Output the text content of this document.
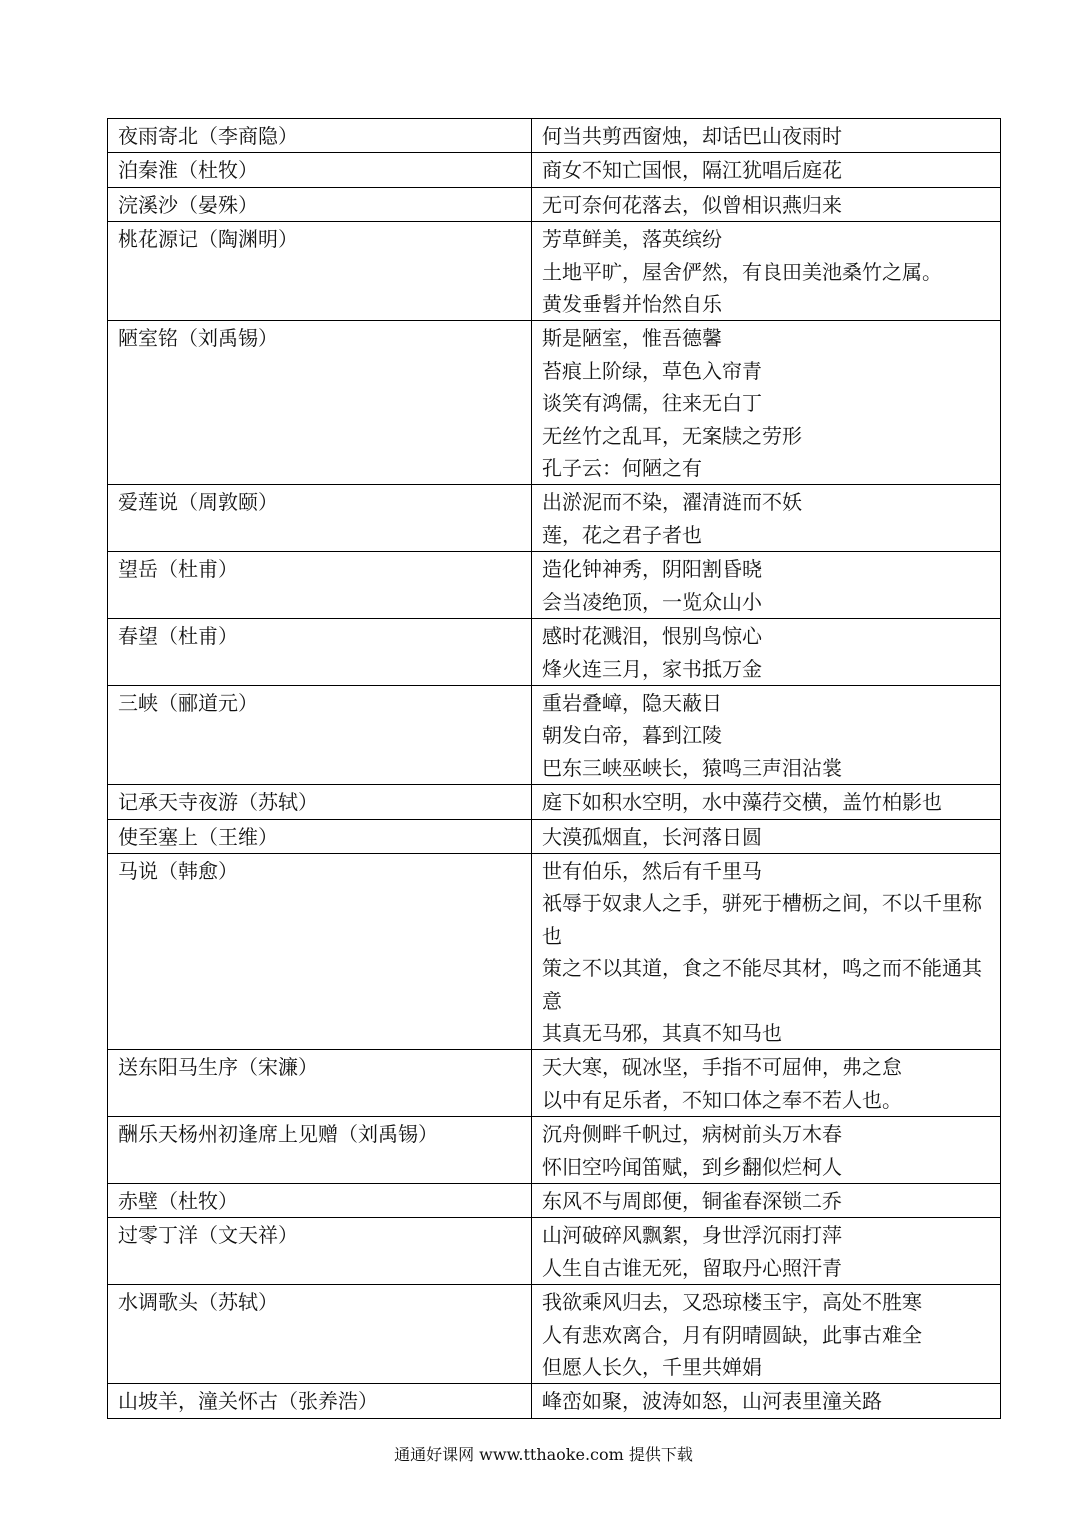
夜雨寄北（李商隐）	何当共剪西窗烛，却话巴山夜雨时

泊秦淮（杜牧）	商女不知亡国恨，隔江犹唱后庭花

浣溪沙（晏殊）	无可奈何花落去，似曾相识燕归来

桃花源记（陶渊明）	芳草鲜美，落英缤纷
土地平旷，屋舍俨然，有良田美池桑竹之属。
黄发垂髫并怡然自乐

陋室铭（刘禹锡）	斯是陋室，惟吾德馨
苔痕上阶绿，草色入帘青
谈笑有鸿儒，往来无白丁
无丝竹之乱耳，无案牍之劳形
孔子云：何陋之有

爱莲说（周敦颐）	出淤泥而不染，濯清涟而不妖
莲，花之君子者也

望岳（杜甫）	造化钟神秀，阴阳割昏晓
会当凌绝顶，一览众山小

春望（杜甫）	感时花溅泪，恨别鸟惊心
烽火连三月，家书抵万金

三峡（郦道元）	重岩叠嶂，隐天蔽日
朝发白帝，暮到江陵
巴东三峡巫峡长，猿鸣三声泪沾裳

记承天寺夜游（苏轼）	庭下如积水空明，水中藻荇交横，盖竹柏影也

使至塞上（王维）	大漠孤烟直，长河落日圆

马说（韩愈）	世有伯乐，然后有千里马
祇辱于奴隶人之手，骈死于槽枥之间，不以千里称也
策之不以其道，食之不能尽其材，鸣之而不能通其意
其真无马邪，其真不知马也

送东阳马生序（宋濂）	天大寒，砚冰坚，手指不可屈伸，弗之怠
以中有足乐者，不知口体之奉不若人也。

酬乐天杨州初逢席上见赠（刘禹锡）	沉舟侧畔千帆过，病树前头万木春
怀旧空吟闻笛赋，到乡翻似烂柯人

赤壁（杜牧）	东风不与周郎便，铜雀春深锁二乔

过零丁洋（文天祥）	山河破碎风飘絮，身世浮沉雨打萍
人生自古谁无死，留取丹心照汗青

水调歌头（苏轼）	我欲乘风归去，又恐琼楼玉宇，高处不胜寒
人有悲欢离合，月有阴晴圆缺，此事古难全
但愿人长久，千里共婵娟

山坡羊，潼关怀古（张养浩）	峰峦如聚，波涛如怒，山河表里潼关路
通通好课网 www.tthaoke.com 提供下载
